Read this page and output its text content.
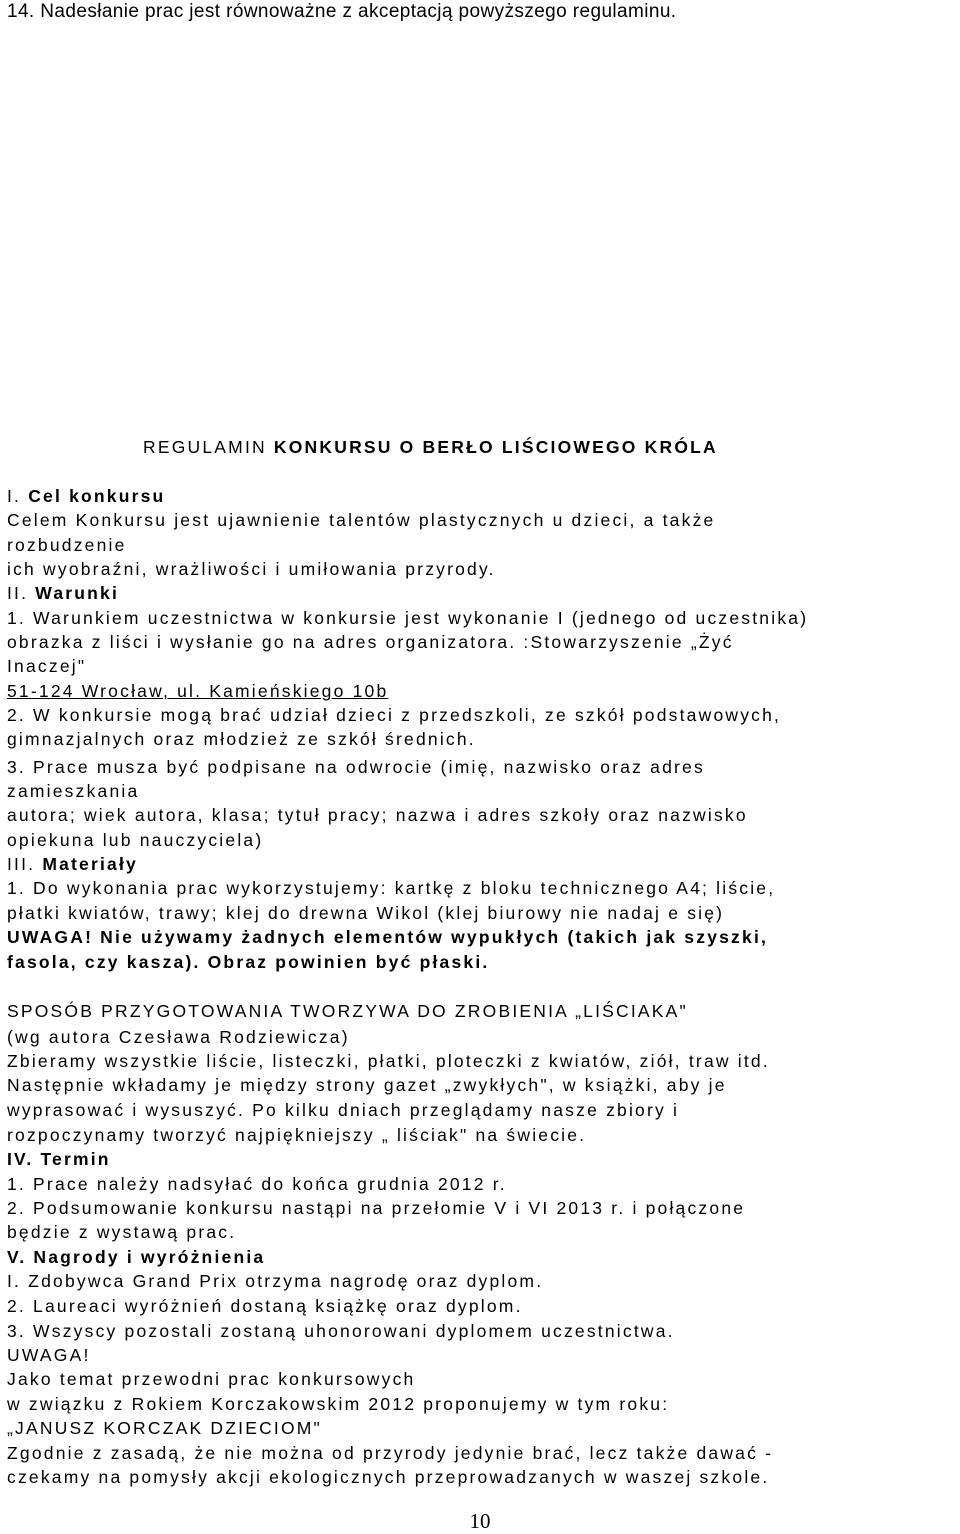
14. Nadesłanie prac jest równoważne z akceptacją powyższego regulaminu.
REGULAMIN KONKURSU O BERŁO LIŚCIOWEGO KRÓLA
I. Cel konkursu
Celem Konkursu jest ujawnienie talentów plastycznych u dzieci, a także
rozbudzenie
ich wyobraźni, wrażliwości i umiłowania przyrody.
II. Warunki
1. Warunkiem uczestnictwa w konkursie jest wykonanie I (jednego od uczestnika)
obrazka z liści i wysłanie go na adres organizatora. :Stowarzyszenie „Żyć
Inaczej"
51-124 Wrocław, ul. Kamieńskiego 10b
2. W konkursie mogą brać udział dzieci z przedszkoli, ze szkół podstawowych,
gimnazjalnych oraz młodzież ze szkół średnich.
3. Prace musza być podpisane na odwrocie (imię, nazwisko oraz adres
zamieszkania
autora; wiek autora, klasa; tytuł pracy; nazwa i adres szkoły oraz nazwisko
opiekuna lub nauczyciela)
III. Materiały
1. Do wykonania prac wykorzystujemy: kartkę z bloku technicznego A4; liście,
płatki kwiatów, trawy; klej do drewna Wikol (klej biurowy nie nadaj e się)
UWAGA! Nie używamy żadnych elementów wypukłych (takich jak szyszki,
fasola, czy kasza). Obraz powinien być płaski.
SPOSÓB PRZYGOTOWANIA TWORZYWA DO ZROBIENIA „LIŚCIAKA"
(wg autora Czesława Rodziewicza)
Zbieramy wszystkie liście, listeczki, płatki, ploteczki z kwiatów, ziół, traw itd.
Następnie wkładamy je między strony gazet „zwykłych", w książki, aby je
wyprasować i wysuszyć. Po kilku dniach przeglądamy nasze zbiory i
rozpoczynamy tworzyć najpiękniejszy „ liściak" na świecie.
IV. Termin
1. Prace należy nadsyłać do końca grudnia 2012 r.
2. Podsumowanie konkursu nastąpi na przełomie V i VI 2013 r. i połączone
będzie z wystawą prac.
V. Nagrody i wyróżnienia
I. Zdobywca Grand Prix otrzyma nagrodę oraz dyplom.
2. Laureaci wyróżnień dostaną książkę oraz dyplom.
3. Wszyscy pozostali zostaną uhonorowani dyplomem uczestnictwa.
UWAGA!
Jako temat przewodni prac konkursowych
w związku z Rokiem Korczakowskim 2012 proponujemy w tym roku:
„JANUSZ KORCZAK DZIECIOM"
Zgodnie z zasadą, że nie można od przyrody jedynie brać, lecz także dawać -
czekamy na pomysły akcji ekologicznych przeprowadzanych w waszej szkole.
10
